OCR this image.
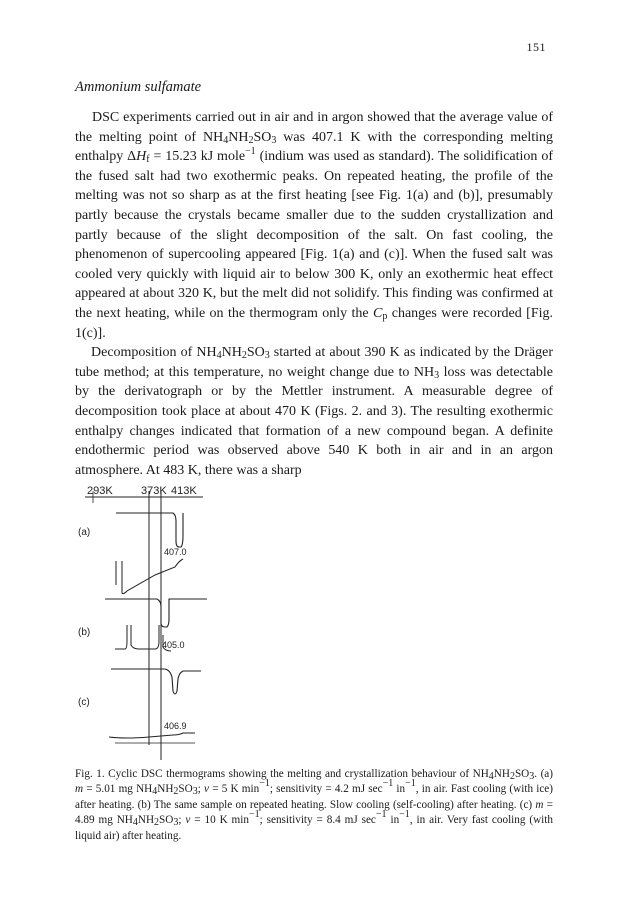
151
Ammonium sulfamate

DSC experiments carried out in air and in argon showed that the average value of the melting point of $NH_4NH_2SO_3$ was 407.1 K with the corresponding melting enthalpy $\Delta H_f = 15.23$ kJ mole$^{-1}$ (indium was used as standard). The solidification of the fused salt had two exothermic peaks. On repeated heating, the profile of the melting was not so sharp as at the first heating [see Fig. 1(a) and (b)], presumably partly because the crystals became smaller due to the sudden crystallization and partly because of the slight decomposition of the salt. On fast cooling, the phenomenon of supercooling appeared [Fig. 1(a) and (c)]. When the fused salt was cooled very quickly with liquid air to below 300 K, only an exothermic heat effect appeared at about 320 K, but the melt did not solidify. This finding was confirmed at the next heating, while on the thermogram only the $C_p$ changes were recorded [Fig. 1(c)].

Decomposition of $NH_4NH_2SO_3$ started at about 390 K as indicated by the Dräger tube method; at this temperature, no weight change due to $NH_3$ loss was detectable by the derivatograph or by the Mettler instrument. A measurable degree of decomposition took place at about 470 K (Figs. 2. and 3). The resulting exothermic enthalpy changes indicated that formation of a new compound began. A definite endothermic period was observed above 540 K both in air and in an argon atmosphere. At 483 K, there was a sharp

293K	373K 413K
(a)
407.0
(b)
405.0
(c)
406.9
Fig. 1. Cyclic DSC thermograms showing the melting and crystallization behaviour of $NH_4NH_2SO_3$. (a) m = 5.01 mg $NH_4NH_2SO_3$; v = 5 K $\min^{-1}$; sensitivity = 4.2 mJ $\sec^{-1} in^{-1}$, in air. Fast cooling (with ice) after heating. (b) The same sample on repeated heating. Slow cooling (self-cooling) after heating. (c) m = 4.89 mg $NH_4NH_2SO_3$; v = 10 K $\min^{-1}$; sensitivity = 8.4 mJ $\sec^{-1} in^{-1}$, in air. Very fast cooling (with liquid air) after heating.
